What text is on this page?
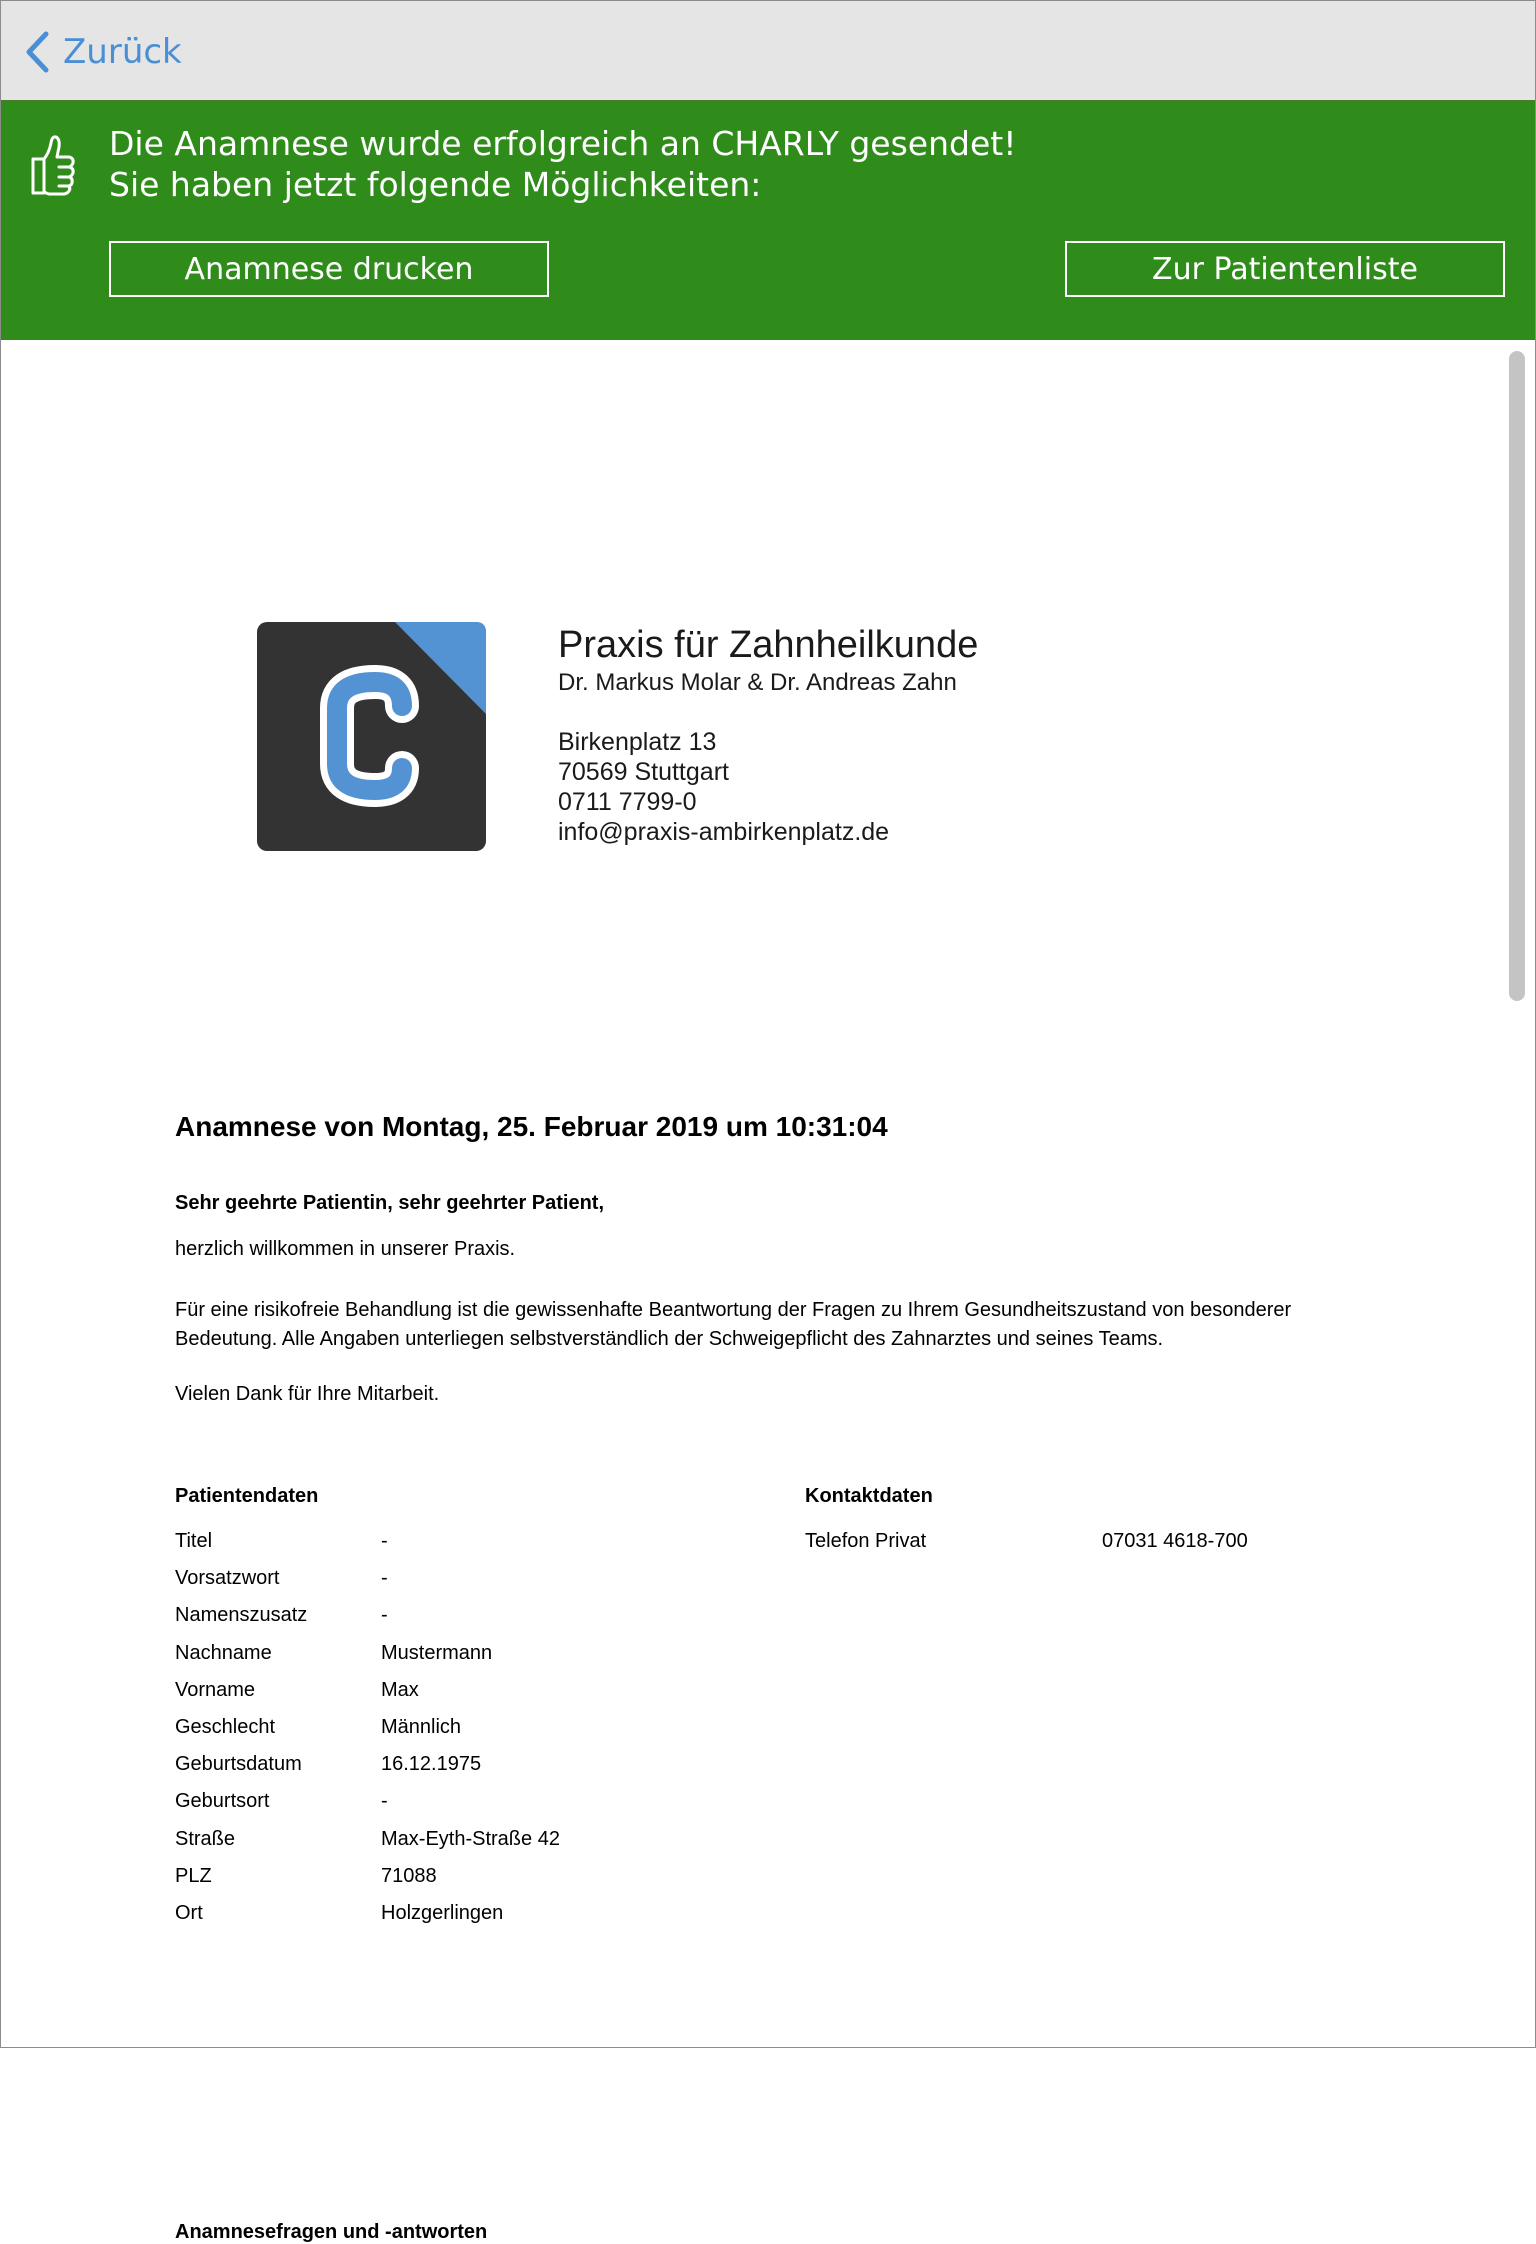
Zurück
Die Anamnese wurde erfolgreich an CHARLY gesendet!
Sie haben jetzt folgende Möglichkeiten:
Anamnese drucken	Zur Patientenliste
Praxis für Zahnheilkunde
Dr. Markus Molar & Dr. Andreas Zahn
Birkenplatz 13
70569 Stuttgart
0711 7799-0
info@praxis-ambirkenplatz.de
Anamnese von Montag, 25. Februar 2019 um 10:31:04
Sehr geehrte Patientin, sehr geehrter Patient,
herzlich willkommen in unserer Praxis.
Für eine risikofreie Behandlung ist die gewissenhafte Beantwortung der Fragen zu Ihrem Gesundheitszustand von besonderer Bedeutung. Alle Angaben unterliegen selbstverständlich der Schweigepflicht des Zahnarztes und seines Teams.
Vielen Dank für Ihre Mitarbeit.
Patientendaten	Kontaktdaten
Titel	-
Vorsatzwort	-
Namenszusatz	-
Nachname	Mustermann
Vorname	Max
Geschlecht	Männlich
Geburtsdatum	16.12.1975
Geburtsort	-
Straße	Max-Eyth-Straße 42
PLZ	71088
Ort	Holzgerlingen
Telefon Privat	07031 4618-700
Anamnesefragen und -antworten
